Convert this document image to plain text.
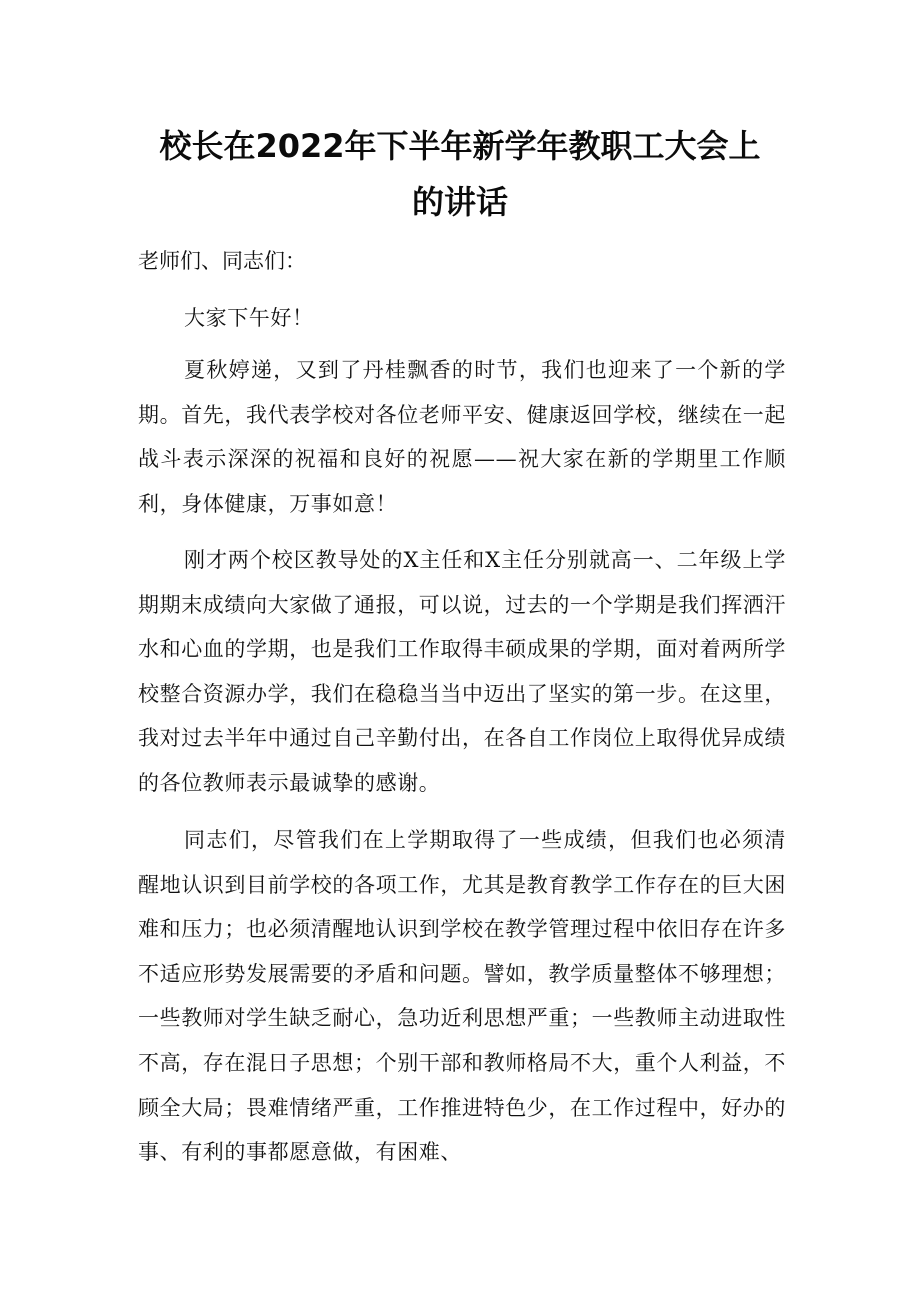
校长在2022年下半年新学年教职工大会上
的讲话

老师们、同志们：

大家下午好！

夏秋婷递，又到了丹桂飘香的时节，我们也迎来了一个新的学期。首先，我代表学校对各位老师平安、健康返回学校，继续在一起战斗表示深深的祝福和良好的祝愿——祝大家在新的学期里工作顺利，身体健康，万事如意！

刚才两个校区教导处的X主任和X主任分别就高一、二年级上学期期末成绩向大家做了通报，可以说，过去的一个学期是我们挥洒汗水和心血的学期，也是我们工作取得丰硕成果的学期，面对着两所学校整合资源办学，我们在稳稳当当中迈出了坚实的第一步。在这里，我对过去半年中通过自己辛勤付出，在各自工作岗位上取得优异成绩的各位教师表示最诚挚的感谢。

同志们，尽管我们在上学期取得了一些成绩，但我们也必须清醒地认识到目前学校的各项工作，尤其是教育教学工作存在的巨大困难和压力；也必须清醒地认识到学校在教学管理过程中依旧存在许多不适应形势发展需要的矛盾和问题。譬如，教学质量整体不够理想；一些教师对学生缺乏耐心，急功近利思想严重；一些教师主动进取性不高，存在混日子思想；个别干部和教师格局不大，重个人利益，不顾全大局；畏难情绪严重，工作推进特色少，在工作过程中，好办的事、有利的事都愿意做，有困难、
